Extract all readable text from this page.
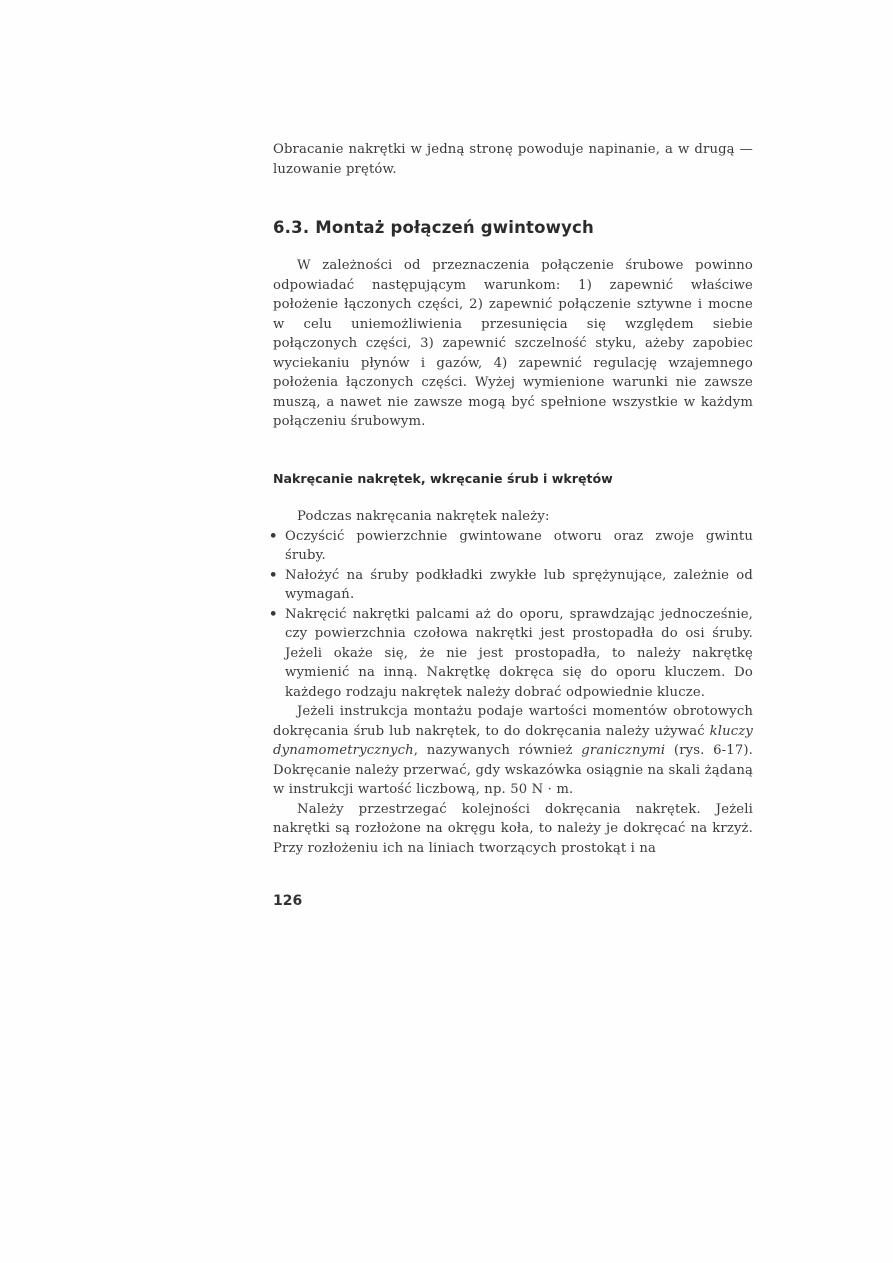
Obracanie nakrętki w jedną stronę powoduje napinanie, a w drugą — luzowanie prętów.

6.3. Montaż połączeń gwintowych

W zależności od przeznaczenia połączenie śrubowe powinno odpowiadać następującym warunkom: 1) zapewnić właściwe położenie łączonych części, 2) zapewnić połączenie sztywne i mocne w celu uniemożliwienia przesunięcia się względem siebie połączonych części, 3) zapewnić szczelność styku, ażeby zapobiec wyciekaniu płynów i gazów, 4) zapewnić regulację wzajemnego położenia łączonych części. Wyżej wymienione warunki nie zawsze muszą, a nawet nie zawsze mogą być spełnione wszystkie w każdym połączeniu śrubowym.

Nakręcanie nakrętek, wkręcanie śrub i wkrętów

Podczas nakręcania nakrętek należy:

• Oczyścić powierzchnie gwintowane otworu oraz zwoje gwintu śruby.
• Nałożyć na śruby podkładki zwykłe lub sprężynujące, zależnie od wymagań.
• Nakręcić nakrętki palcami aż do oporu, sprawdzając jednocześnie, czy powierzchnia czołowa nakrętki jest prostopadła do osi śruby. Jeżeli okaże się, że nie jest prostopadła, to należy nakrętkę wymienić na inną. Nakrętkę dokręca się do oporu kluczem. Do każdego rodzaju nakrętek należy dobrać odpowiednie klucze.

Jeżeli instrukcja montażu podaje wartości momentów obrotowych dokręcania śrub lub nakrętek, to do dokręcania należy używać kluczy dynamometrycznych, nazywanych również granicznymi (rys. 6-17). Dokręcanie należy przerwać, gdy wskazówka osiągnie na skali żądaną w instrukcji wartość liczbową, np. 50 N · m.

Należy przestrzegać kolejności dokręcania nakrętek. Jeżeli nakrętki są rozłożone na okręgu koła, to należy je dokręcać na krzyż. Przy rozłożeniu ich na liniach tworzących prostokąt i na

126
